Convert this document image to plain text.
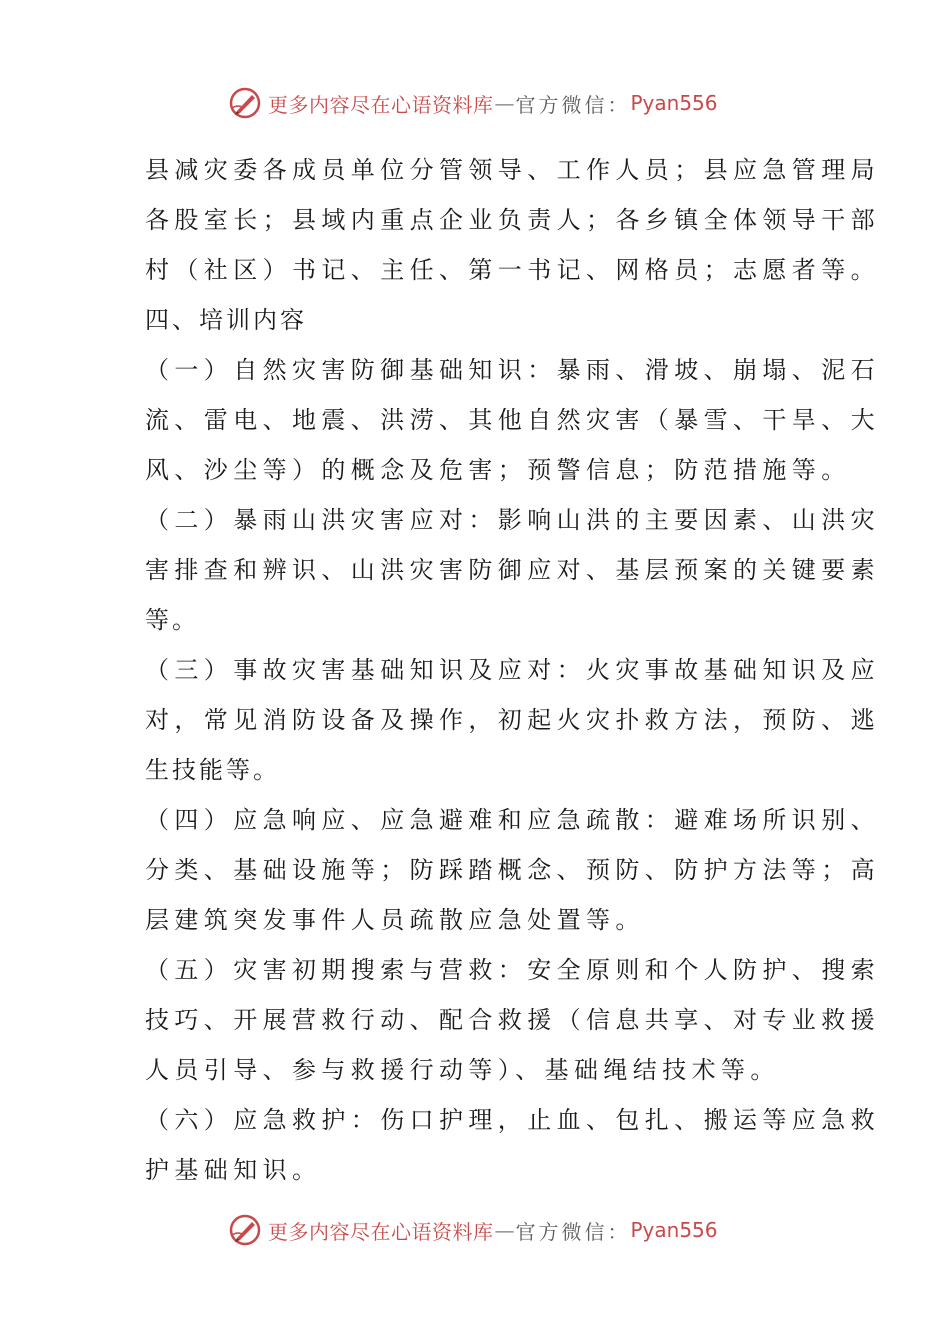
更多内容尽在心语资料库 — 官方微信： Pyan556
县减灾委各成员单位分管领导、工作人员；县应急管理局
各股室长；县域内重点企业负责人；各乡镇全体领导干部
村（社区）书记、主任、第一书记、网格员；志愿者等。
四、培训内容
（一）自然灾害防御基础知识：暴雨、滑坡、崩塌、泥石
流、雷电、地震、洪涝、其他自然灾害（暴雪、干旱、大
风、沙尘等）的概念及危害；预警信息；防范措施等。
（二）暴雨山洪灾害应对：影响山洪的主要因素、山洪灾
害排查和辨识、山洪灾害防御应对、基层预案的关键要素
等。
（三）事故灾害基础知识及应对：火灾事故基础知识及应
对，常见消防设备及操作，初起火灾扑救方法，预防、逃
生技能等。
（四）应急响应、应急避难和应急疏散：避难场所识别、
分类、基础设施等；防踩踏概念、预防、防护方法等；高
层建筑突发事件人员疏散应急处置等。
（五）灾害初期搜索与营救：安全原则和个人防护、搜索
技巧、开展营救行动、配合救援（信息共享、对专业救援
人员引导、参与救援行动等）、基础绳结技术等。
（六）应急救护：伤口护理，止血、包扎、搬运等应急救
护基础知识。
更多内容尽在心语资料库 — 官方微信： Pyan556
